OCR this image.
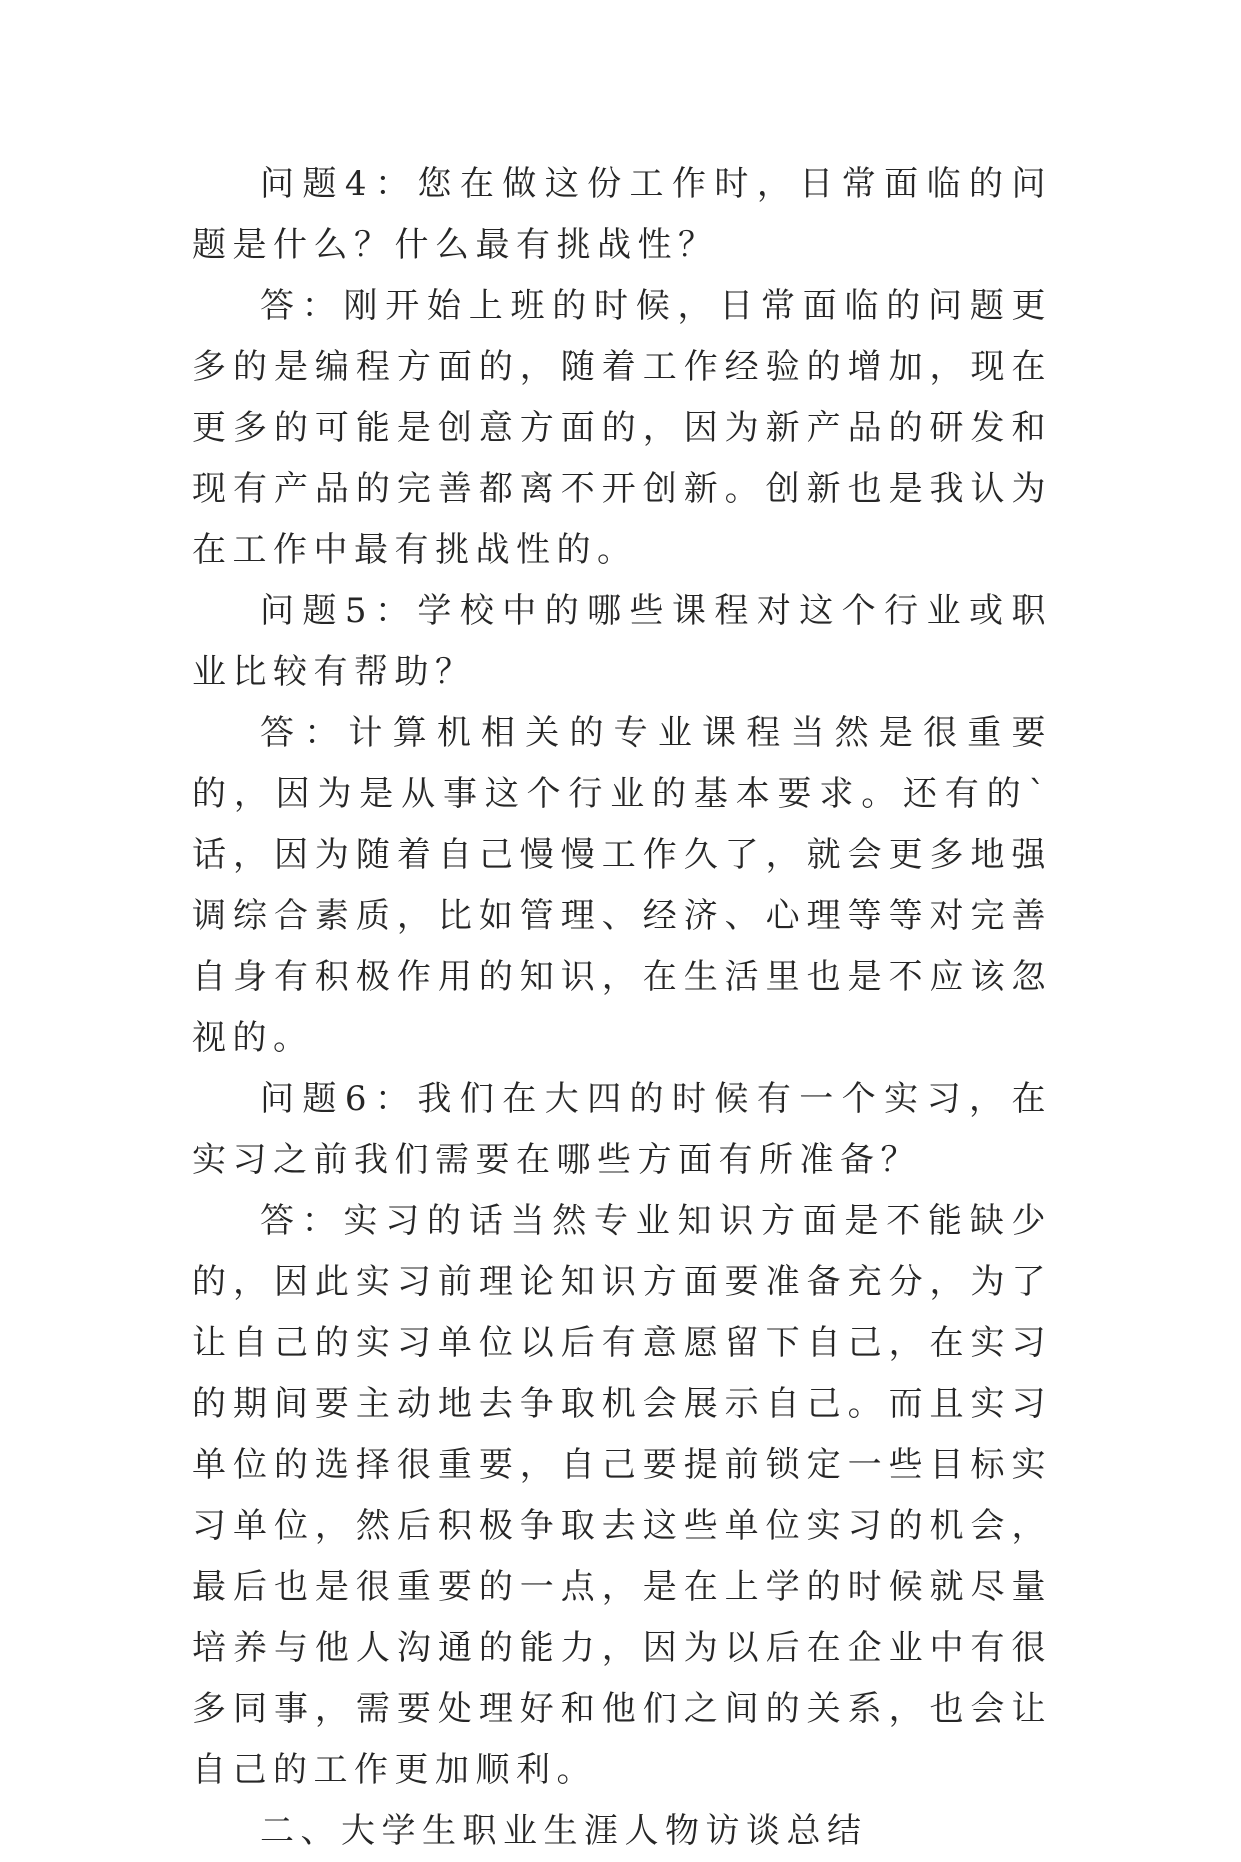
问题4：您在做这份工作时，日常面临的问题是什么？什么最有挑战性？

答：刚开始上班的时候，日常面临的问题更多的是编程方面的，随着工作经验的增加，现在更多的可能是创意方面的，因为新产品的研发和现有产品的完善都离不开创新。创新也是我认为在工作中最有挑战性的。

问题5：学校中的哪些课程对这个行业或职业比较有帮助？

答：计算机相关的专业课程当然是很重要的，因为是从事这个行业的基本要求。还有的`话，因为随着自己慢慢工作久了，就会更多地强调综合素质，比如管理、经济、心理等等对完善自身有积极作用的知识，在生活里也是不应该忽视的。

问题6：我们在大四的时候有一个实习，在实习之前我们需要在哪些方面有所准备？

答：实习的话当然专业知识方面是不能缺少的，因此实习前理论知识方面要准备充分，为了让自己的实习单位以后有意愿留下自己，在实习的期间要主动地去争取机会展示自己。而且实习单位的选择很重要，自己要提前锁定一些目标实习单位，然后积极争取去这些单位实习的机会，最后也是很重要的一点，是在上学的时候就尽量培养与他人沟通的能力，因为以后在企业中有很多同事，需要处理好和他们之间的关系，也会让自己的工作更加顺利。

二、大学生职业生涯人物访谈总结
